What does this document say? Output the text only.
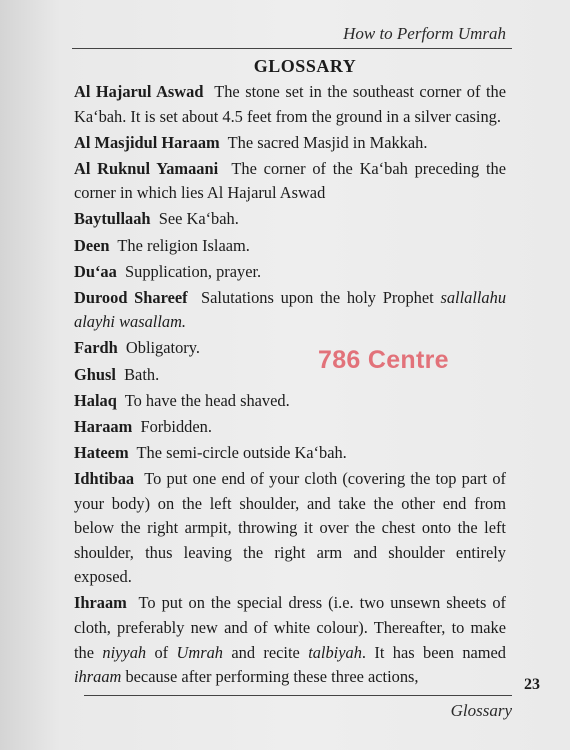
How to Perform Umrah
GLOSSARY

Al Hajarul Aswad The stone set in the southeast corner of the Ka‘bah. It is set about 4.5 feet from the ground in a silver casing.

Al Masjidul Haraam The sacred Masjid in Makkah.

Al Ruknul Yamaani The corner of the Ka‘bah preceding the corner in which lies Al Hajarul Aswad

Baytullaah See Ka‘bah.

Deen The religion Islaam.

Du‘aa Supplication, prayer.

Durood Shareef Salutations upon the holy Prophet sallallahu alayhi wasallam.

Fardh Obligatory.

Ghusl Bath.

Halaq To have the head shaved.

Haraam Forbidden.

Hateem The semi-circle outside Ka‘bah.

Idhtibaa To put one end of your cloth (covering the top part of your body) on the left shoulder, and take the other end from below the right armpit, throwing it over the chest onto the left shoulder, thus leaving the right arm and shoulder entirely exposed.

Ihraam To put on the special dress (i.e. two unsewn sheets of cloth, preferably new and of white colour). Thereafter, to make the niyyah of Umrah and recite talbiyah. It has been named ihraam because after performing these three actions,

786 Centre
23
Glossary
